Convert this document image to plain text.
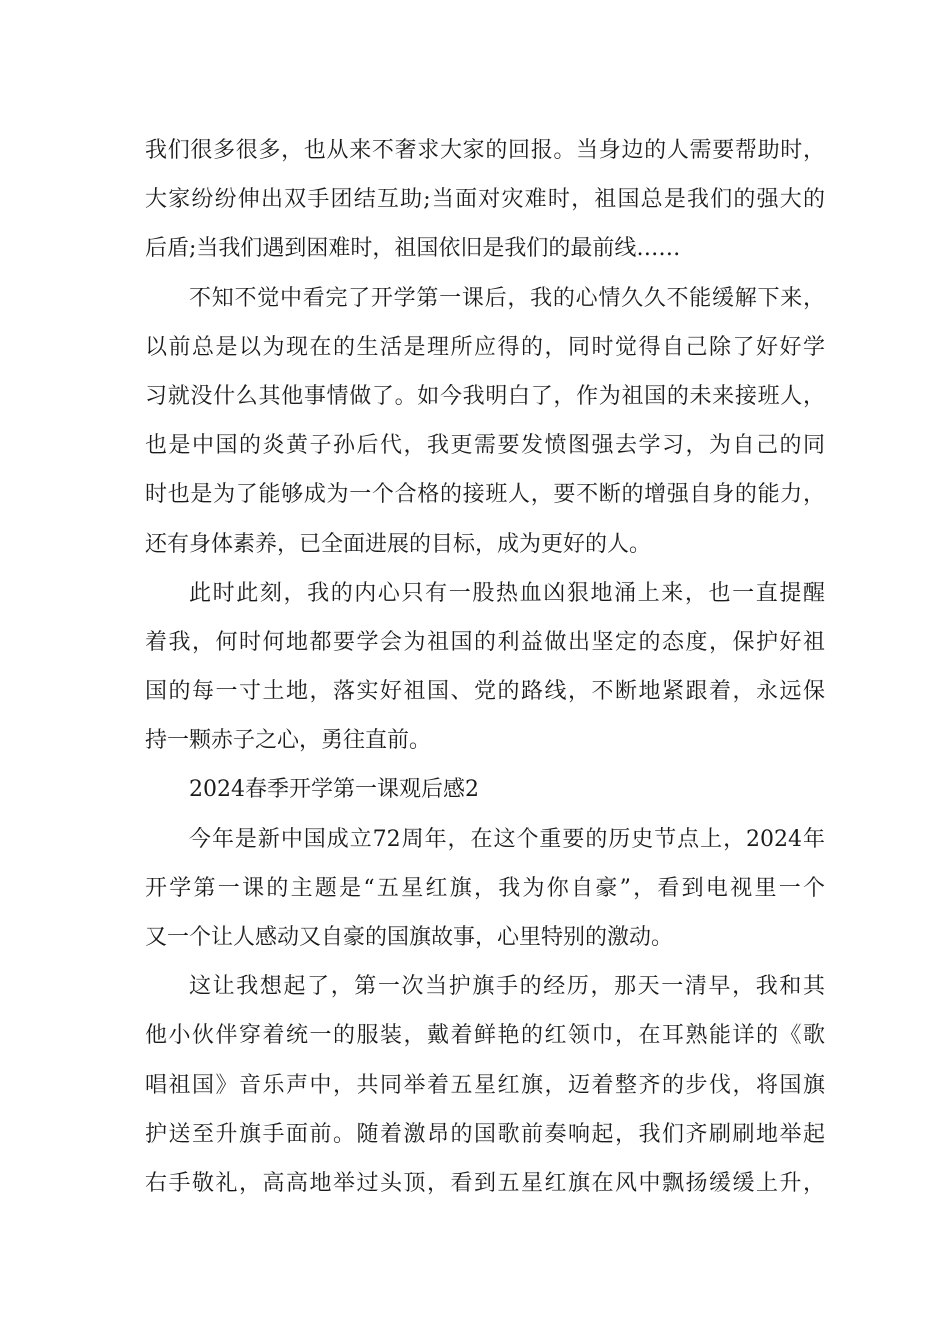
我们很多很多，也从来不奢求大家的回报。当身边的人需要帮助时，
大家纷纷伸出双手团结互助;当面对灾难时，祖国总是我们的强大的
后盾;当我们遇到困难时，祖国依旧是我们的最前线……
不知不觉中看完了开学第一课后，我的心情久久不能缓解下来，
以前总是以为现在的生活是理所应得的，同时觉得自己除了好好学
习就没什么其他事情做了。如今我明白了，作为祖国的未来接班人，
也是中国的炎黄子孙后代，我更需要发愤图强去学习，为自己的同
时也是为了能够成为一个合格的接班人，要不断的增强自身的能力，
还有身体素养，已全面进展的目标，成为更好的人。
此时此刻，我的内心只有一股热血凶狠地涌上来，也一直提醒
着我，何时何地都要学会为祖国的利益做出坚定的态度，保护好祖
国的每一寸土地，落实好祖国、党的路线，不断地紧跟着，永远保
持一颗赤子之心，勇往直前。
2024春季开学第一课观后感2
今年是新中国成立72周年，在这个重要的历史节点上，2024年
开学第一课的主题是“五星红旗，我为你自豪”，看到电视里一个
又一个让人感动又自豪的国旗故事，心里特别的激动。
这让我想起了，第一次当护旗手的经历，那天一清早，我和其
他小伙伴穿着统一的服装，戴着鲜艳的红领巾，在耳熟能详的《歌
唱祖国》音乐声中，共同举着五星红旗，迈着整齐的步伐，将国旗
护送至升旗手面前。随着激昂的国歌前奏响起，我们齐刷刷地举起
右手敬礼，高高地举过头顶，看到五星红旗在风中飘扬缓缓上升，
